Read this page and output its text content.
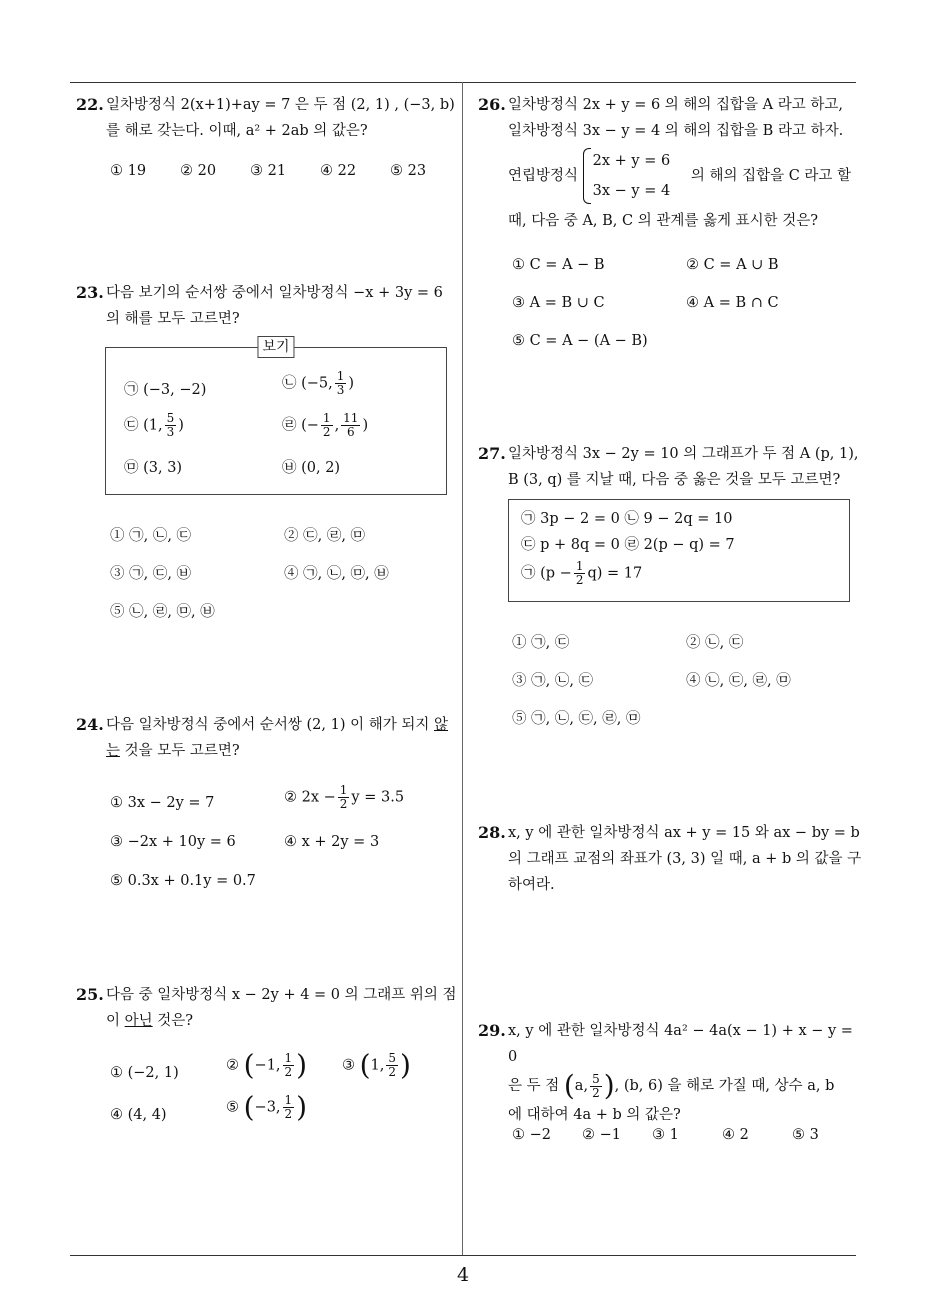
22. 일차방정식 2(x+1)+ay = 7 은 두 점 (2, 1) , (−3, b) 를 해로 갖는다. 이때, a² + 2ab 의 값은?
① 19 ② 20 ③ 21 ④ 22 ⑤ 23
23. 다음 보기의 순서쌍 중에서 일차방정식 −x + 3y = 6 의 해를 모두 고르면?
보기
㉠ (−3, −2)	㉡ (−5, $\frac{1}{3}$ )
㉢ (1, $\frac{5}{3}$ )	㉣ (− $\frac{1}{2}$ , $\frac{11}{6}$ )
㉤ (3, 3)	㉥ (0, 2)
① ㉠, ㉡, ㉢	② ㉢, ㉣, ㉤
③ ㉠, ㉢, ㉥	④ ㉠, ㉡, ㉤, ㉥
⑤ ㉡, ㉣, ㉤, ㉥
24. 다음 일차방정식 중에서 순서쌍 (2, 1) 이 해가 되지 않는 것을 모두 고르면?
① 3x − 2y = 7	② $2x - \frac{1}{2}$ y = 3.5
③ −2x + 10y = 6	④ x + 2y = 3
⑤ 0.3x + 0.1y = 0.7
25. 다음 중 일차방정식 x − 2y + 4 = 0 의 그래프 위의 점이 아닌 것은?
① (−2, 1)	② (−1, $\frac{1}{2}$ ) ③ (1, $\frac{5}{2}$ )
④ (4, 4)	⑤ (−3, $\frac{1}{2}$ )
26. 일차방정식 2x + y = 6 의 해의 집합을 A 라고 하고,
일차방정식 3x − y = 4 의 해의 집합을 B 라고 하자.
연립방정식
2x + y = 6
3x − y = 4
의 해의 집합을 C 라고 할
때, 다음 중 A, B, C 의 관계를 옳게 표시한 것은?
① C = A − B	② C = A ∪ B
③ A = B ∪ C	④ A = B ∩ C
⑤ C = A − (A − B)
27. 일차방정식 3x − 2y = 10 의 그래프가 두 점 A (p, 1), B (3, q) 를 지날 때, 다음 중 옳은 것을 모두 고르면?
㉠ 3p − 2 = 0 ㉡ 9 − 2q = 10
㉢ p + 8q = 0 ㉣ 2(p − q) = 7
㉠ $(p - \frac{1}{2} q) = 17$
① ㉠, ㉢	② ㉡, ㉢
③ ㉠, ㉡, ㉢	④ ㉡, ㉢, ㉣, ㉤
⑤ ㉠, ㉡, ㉢, ㉣, ㉤
28. x, y 에 관한 일차방정식 ax + y = 15 와 ax − by = b 의 그래프 교점의 좌표가 (3, 3) 일 때, a + b 의 값을 구하여라.
29. x, y 에 관한 일차방정식 4a² − 4a(x − 1) + x − y = 0
은 두 점 (a, $\frac{5}{2}$ ), (b, 6) 을 해로 가질 때, 상수 a, b
에 대하여 4a + b 의 값은?
① −2 ② −1 ③ 1	④ 2	⑤ 3
4
